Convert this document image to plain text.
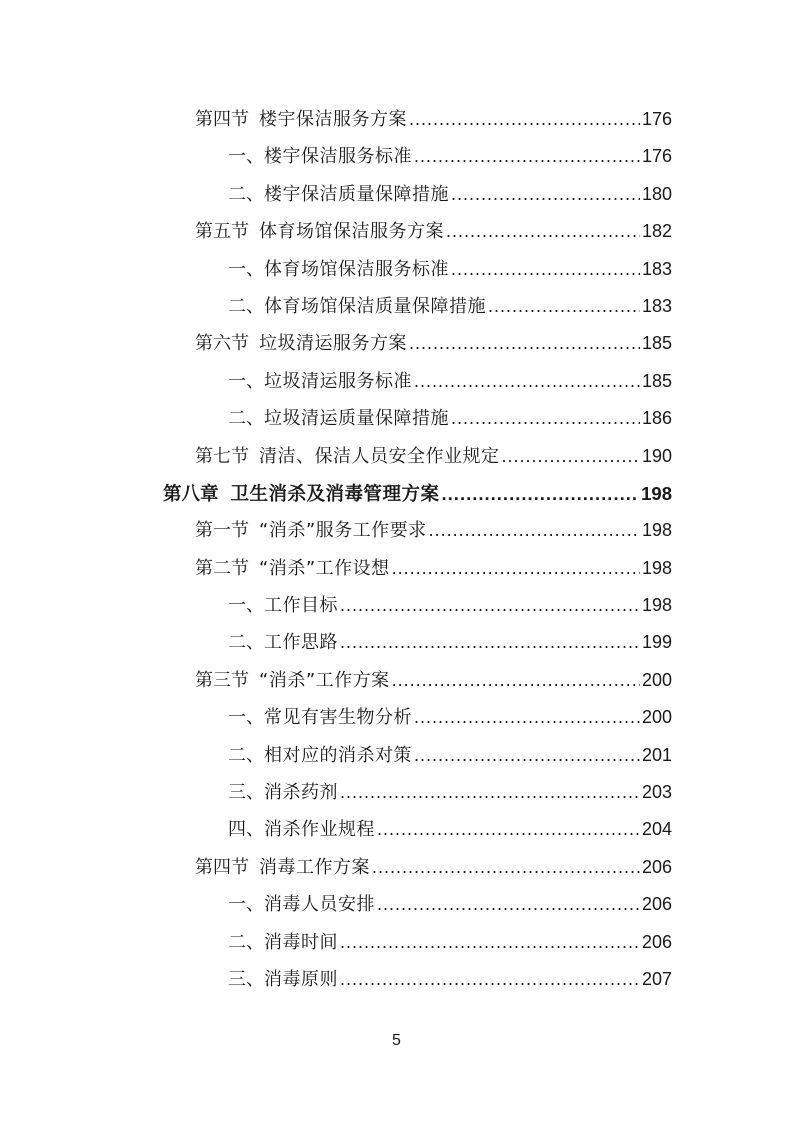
第四节 楼宇保洁服务方案 .....	176
一、 楼宇保洁服务标准 .....	176
二、 楼宇保洁质量保障措施 .....	180
第五节 体育场馆保洁服务方案 .....	182
一、 体育场馆保洁服务标准 .....	183
二、 体育场馆保洁质量保障措施 .....	183
第六节 垃圾清运服务方案 .....	185
一、 垃圾清运服务标准 .....	185
二、 垃圾清运质量保障措施 .....	186
第七节 清洁、保洁人员安全作业规定 .....	190
第八章 卫生消杀及消毒管理方案 .....	198
第一节 “消杀”服务工作要求 .....	198
第二节 “消杀”工作设想 .....	198
一、 工作目标 .....	198
二、 工作思路 .....	199
第三节 “消杀”工作方案 .....	200
一、 常见有害生物分析 .....	200
二、 相对应的消杀对策 .....	201
三、 消杀药剂 .....	203
四、 消杀作业规程 .....	204
第四节 消毒工作方案 .....	206
一、 消毒人员安排 .....	206
二、 消毒时间 .....	206
三、 消毒原则 .....	207
5
